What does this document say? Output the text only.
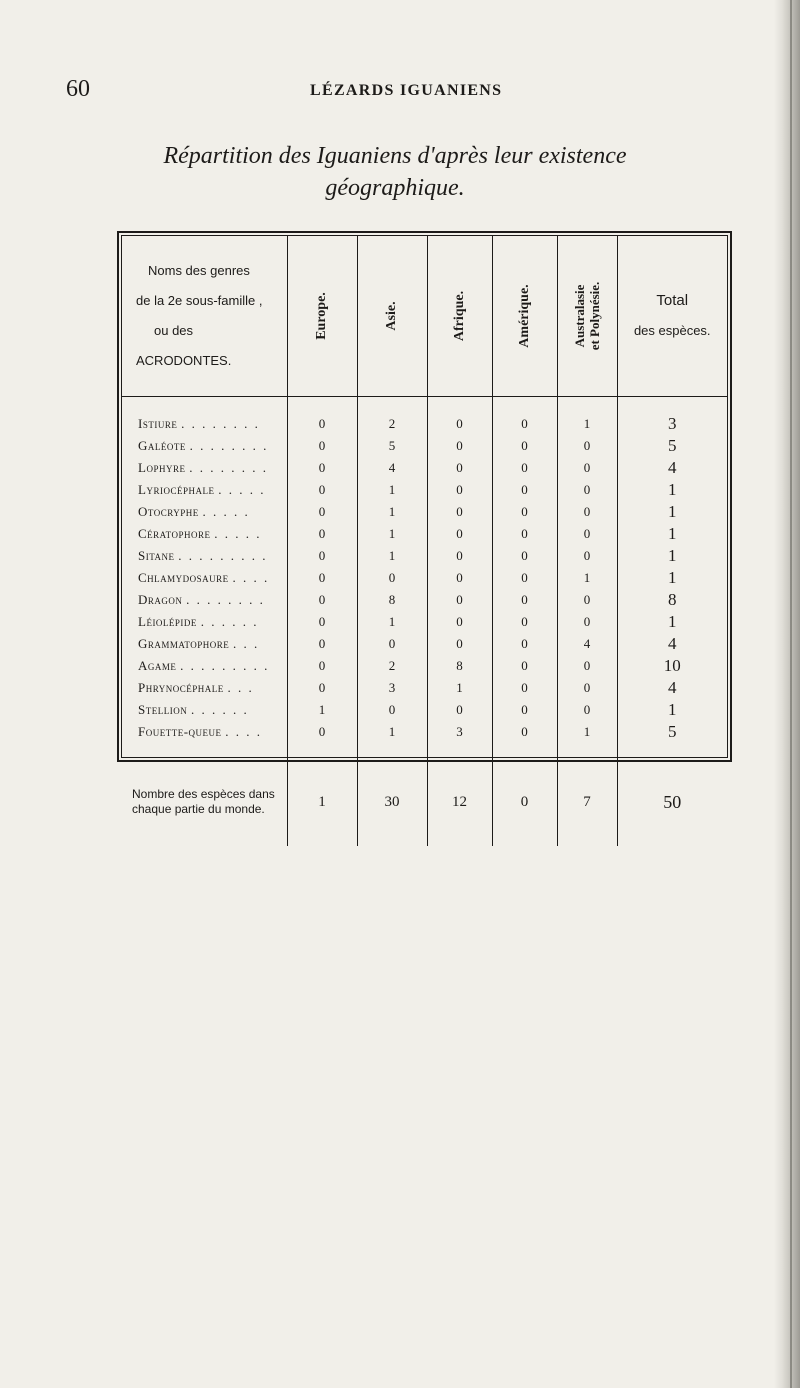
60	LÉZARDS IGUANIENS
Répartition des Iguaniens d'après leur existence
géographique.
Noms des genres
de la 2e sous-famille ,
ou des
ACRODONTES.	Europe.	Asie.	Afrique.	Amérique.	Australasie et Polynésie.	Total
des espèces.

Istiure . . . . . . . .	0	2	0	0	1	3
Galéote . . . . . . . .	0	5	0	0	0	5
Lophyre . . . . . . . .	0	4	0	0	0	4
Lyriocéphale . . . . .	0	1	0	0	0	1
Otocryphe . . . . .	0	1	0	0	0	1
Cératophore . . . . .	0	1	0	0	0	1
Sitane . . . . . . . . .	0	1	0	0	0	1
Chlamydosaure . . . .	0	0	0	0	1	1
Dragon . . . . . . . .	0	8	0	0	0	8
Léiolépide . . . . . .	0	1	0	0	0	1
Grammatophore . . .	0	0	0	0	4	4
Agame . . . . . . . . .	0	2	8	0	0	10
Phrynocéphale . . .	0	3	1	0	0	4
Stellion . . . . . .	1	0	0	0	0	1
Fouette-queue . . . .	0	1	3	0	1	5

Nombre des espèces dans
chaque partie du monde.	1	30	12	0	7	50
